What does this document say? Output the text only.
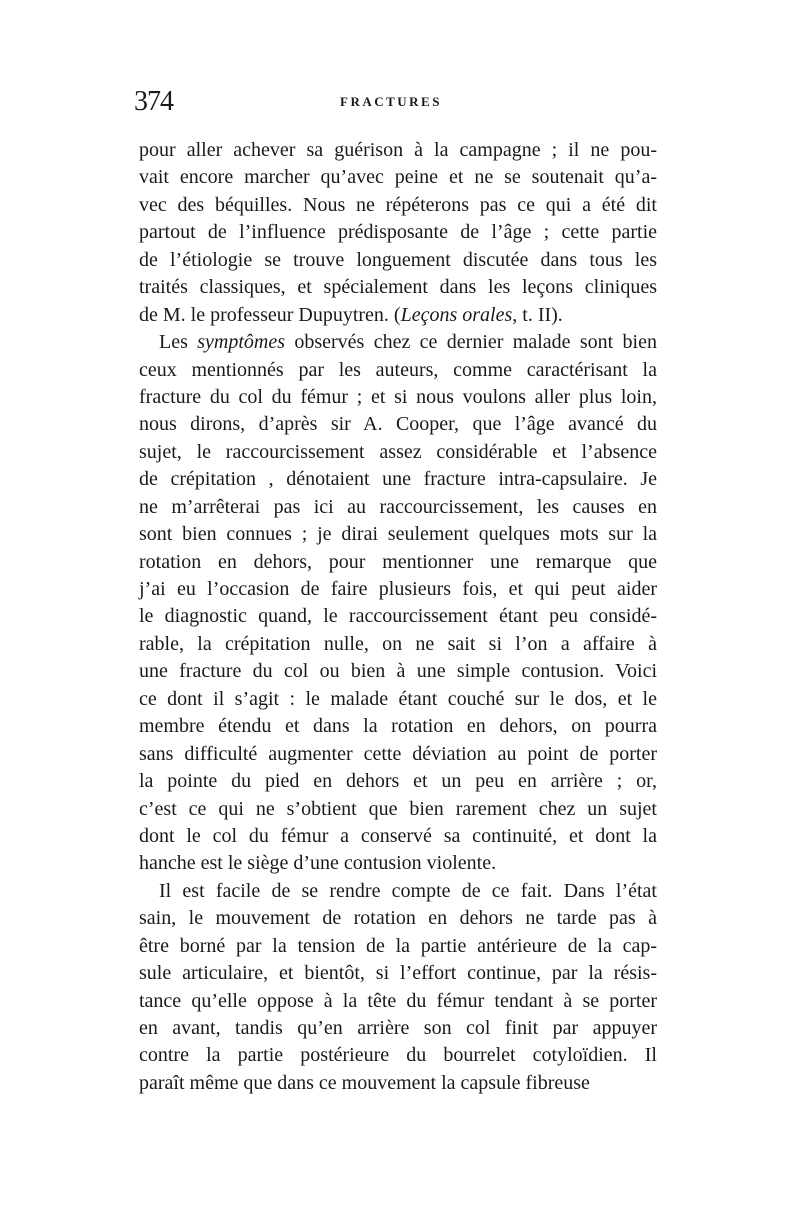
374	FRACTURES
pour aller achever sa guérison à la campagne ; il ne pou-
vait encore marcher qu’avec peine et ne se soutenait qu’a-
vec des béquilles. Nous ne répéterons pas ce qui a été dit
partout de l’influence prédisposante de l’âge ; cette partie
de l’étiologie se trouve longuement discutée dans tous les
traités classiques, et spécialement dans les leçons cliniques
de M. le professeur Dupuytren. (Leçons orales, t. II).
Les symptômes observés chez ce dernier malade sont bien
ceux mentionnés par les auteurs, comme caractérisant la
fracture du col du fémur ; et si nous voulons aller plus loin,
nous dirons, d’après sir A. Cooper, que l’âge avancé du
sujet, le raccourcissement assez considérable et l’absence
de crépitation , dénotaient une fracture intra-capsulaire. Je
ne m’arrêterai pas ici au raccourcissement, les causes en
sont bien connues ; je dirai seulement quelques mots sur la
rotation en dehors, pour mentionner une remarque que
j’ai eu l’occasion de faire plusieurs fois, et qui peut aider
le diagnostic quand, le raccourcissement étant peu considé-
rable, la crépitation nulle, on ne sait si l’on a affaire à
une fracture du col ou bien à une simple contusion. Voici
ce dont il s’agit : le malade étant couché sur le dos, et le
membre étendu et dans la rotation en dehors, on pourra
sans difficulté augmenter cette déviation au point de porter
la pointe du pied en dehors et un peu en arrière ; or,
c’est ce qui ne s’obtient que bien rarement chez un sujet
dont le col du fémur a conservé sa continuité, et dont la
hanche est le siège d’une contusion violente.
Il est facile de se rendre compte de ce fait. Dans l’état
sain, le mouvement de rotation en dehors ne tarde pas à
être borné par la tension de la partie antérieure de la cap-
sule articulaire, et bientôt, si l’effort continue, par la résis-
tance qu’elle oppose à la tête du fémur tendant à se porter
en avant, tandis qu’en arrière son col finit par appuyer
contre la partie postérieure du bourrelet cotyloïdien. Il
paraît même que dans ce mouvement la capsule fibreuse
